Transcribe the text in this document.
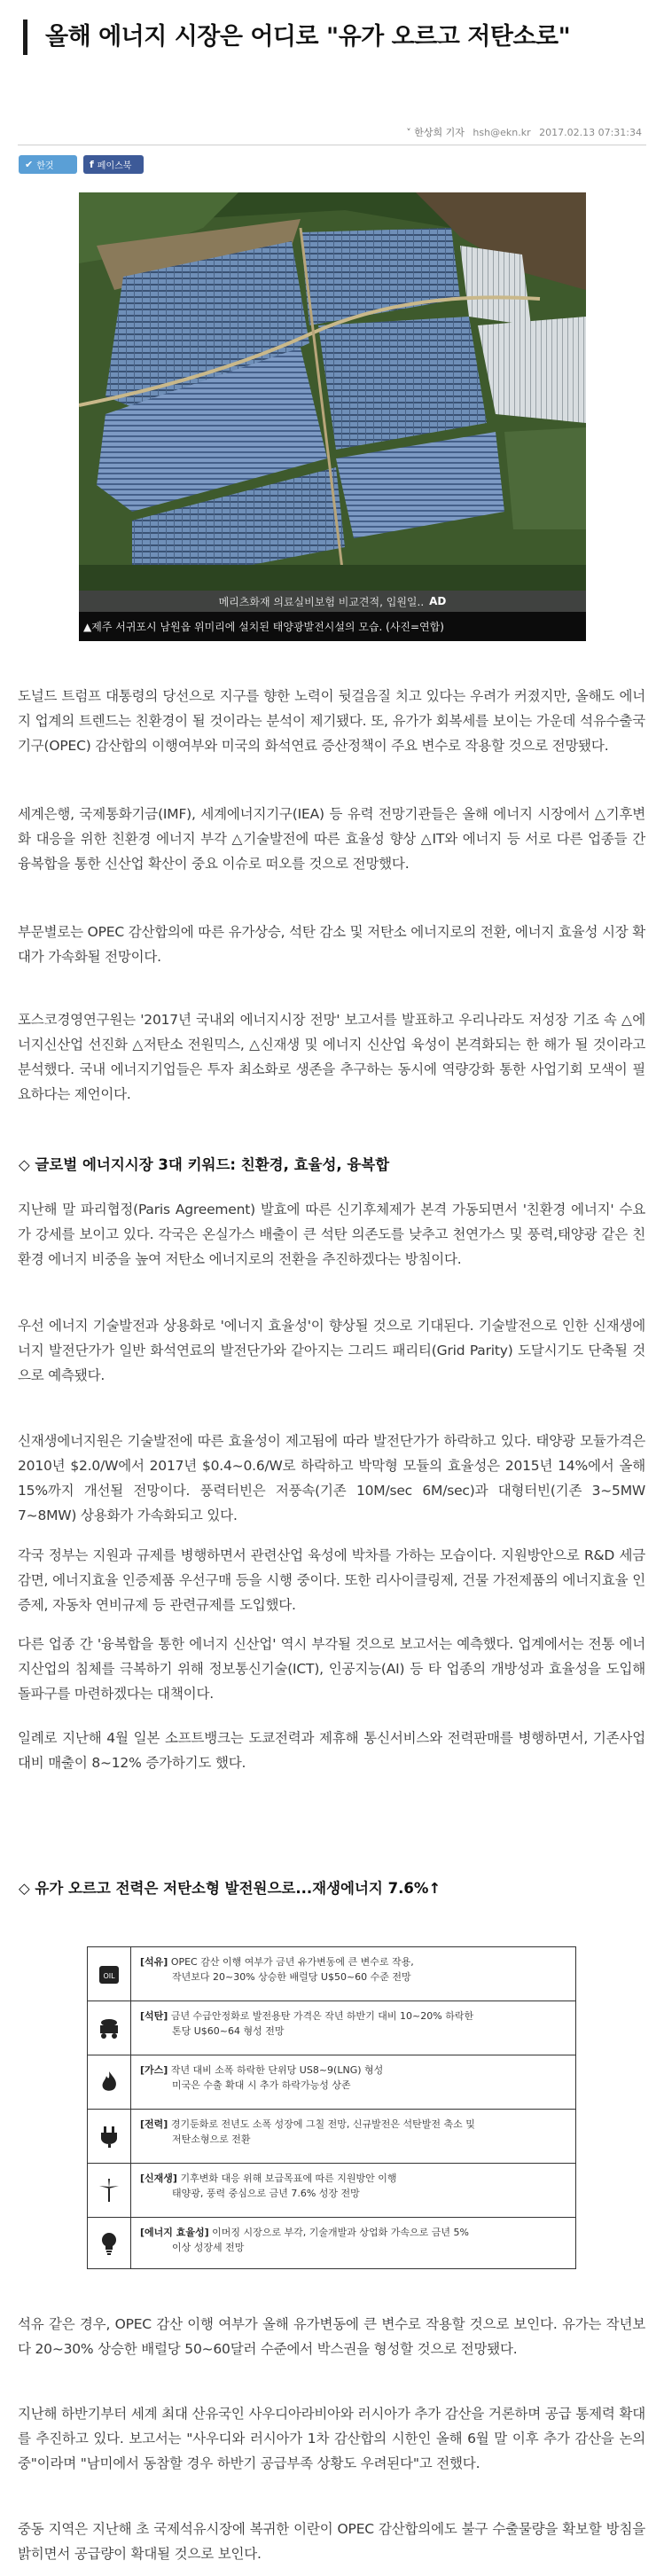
올해 에너지 시장은 어디로 "유가 오르고 저탄소로"
˅ 한상희 기자 hsh@ekn.kr 2017.02.13 07:31:34
✔ 한것	f 페이스북
메리츠화재 의료실비보험 비교견적, 입원일.. AD
▲제주 서귀포시 남원읍 위미리에 설치된 태양광발전시설의 모습. (사진=연합)

도널드 트럼프 대통령의 당선으로 지구를 향한 노력이 뒷걸음질 치고 있다는 우려가 커졌지만, 올해도 에너지 업계의 트렌드는 친환경이 될 것이라는 분석이 제기됐다. 또, 유가가 회복세를 보이는 가운데 석유수출국기구(OPEC) 감산합의 이행여부와 미국의 화석연료 증산정책이 주요 변수로 작용할 것으로 전망됐다.

세계은행, 국제통화기금(IMF), 세계에너지기구(IEA) 등 유력 전망기관들은 올해 에너지 시장에서 △기후변화 대응을 위한 친환경 에너지 부각 △기술발전에 따른 효율성 향상 △IT와 에너지 등 서로 다른 업종들 간 융복합을 통한 신산업 확산이 중요 이슈로 떠오를 것으로 전망했다.

부문별로는 OPEC 감산합의에 따른 유가상승, 석탄 감소 및 저탄소 에너지로의 전환, 에너지 효율성 시장 확대가 가속화될 전망이다.

포스코경영연구원는 '2017년 국내외 에너지시장 전망' 보고서를 발표하고 우리나라도 저성장 기조 속 △에너지신산업 선진화 △저탄소 전원믹스, △신재생 및 에너지 신산업 육성이 본격화되는 한 해가 될 것이라고 분석했다. 국내 에너지기업들은 투자 최소화로 생존을 추구하는 동시에 역량강화 통한 사업기회 모색이 필요하다는 제언이다.

◇ 글로벌 에너지시장 3대 키워드: 친환경, 효율성, 융복합

지난해 말 파리협정(Paris Agreement) 발효에 따른 신기후체제가 본격 가동되면서 '친환경 에너지' 수요가 강세를 보이고 있다. 각국은 온실가스 배출이 큰 석탄 의존도를 낮추고 천연가스 및 풍력,태양광 같은 친환경 에너지 비중을 높여 저탄소 에너지로의 전환을 추진하겠다는 방침이다.

우선 에너지 기술발전과 상용화로 '에너지 효율성'이 향상될 것으로 기대된다. 기술발전으로 인한 신재생에너지 발전단가가 일반 화석연료의 발전단가와 같아지는 그리드 패리티(Grid Parity) 도달시기도 단축될 것으로 예측됐다.

신재생에너지원은 기술발전에 따른 효율성이 제고됨에 따라 발전단가가 하락하고 있다. 태양광 모듈가격은 2010년 $2.0/W에서 2017년 $0.4~0.6/W로 하락하고 박막형 모듈의 효율성은 2015년 14%에서 올해 15%까지 개선될 전망이다. 풍력터빈은 저풍속(기존 10M/sec 6M/sec)과 대형터빈(기존 3~5MW 7~8MW) 상용화가 가속화되고 있다.

각국 정부는 지원과 규제를 병행하면서 관련산업 육성에 박차를 가하는 모습이다. 지원방안으로 R&D 세금감면, 에너지효율 인증제품 우선구매 등을 시행 중이다. 또한 리사이클링제, 건물 가전제품의 에너지효율 인증제, 자동차 연비규제 등 관련규제를 도입했다.

다른 업종 간 '융복합을 통한 에너지 신산업' 역시 부각될 것으로 보고서는 예측했다. 업계에서는 전통 에너지산업의 침체를 극복하기 위해 정보통신기술(ICT), 인공지능(AI) 등 타 업종의 개방성과 효율성을 도입해 돌파구를 마련하겠다는 대책이다.

일례로 지난해 4월 일본 소프트뱅크는 도쿄전력과 제휴해 통신서비스와 전력판매를 병행하면서, 기존사업 대비 매출이 8~12% 증가하기도 했다.

◇ 유가 오르고 전력은 저탄소형 발전원으로...재생에너지 7.6%↑
OIL
[석유] OPEC 감산 이행 여부가 금년 유가변동에 큰 변수로 작용,
작년보다 20~30% 상승한 배럴당 U$50~60 수준 전망
[석탄] 금년 수급안정화로 발전용탄 가격은 작년 하반기 대비 10~20% 하락한
톤당 U$60~64 형성 전망
[가스] 작년 대비 소폭 하락한 단위당 US8~9(LNG) 형성
미국은 수출 확대 시 추가 하락가능성 상존
[전력] 경기둔화로 전년도 소폭 성장에 그칠 전망, 신규발전은 석탄발전 축소 및
저탄소형으로 전환
[신재생] 기후변화 대응 위해 보급목표에 따른 지원방안 이행
태양광, 풍력 중심으로 금년 7.6% 성장 전망
[에너지 효율성] 이머징 시장으로 부각, 기술개발과 상업화 가속으로 금년 5%
이상 성장세 전망

석유 같은 경우, OPEC 감산 이행 여부가 올해 유가변동에 큰 변수로 작용할 것으로 보인다. 유가는 작년보다 20~30% 상승한 배럴당 50~60달러 수준에서 박스권을 형성할 것으로 전망됐다.

지난해 하반기부터 세계 최대 산유국인 사우디아라비아와 러시아가 추가 감산을 거론하며 공급 통제력 확대를 추진하고 있다. 보고서는 "사우디와 러시아가 1차 감산합의 시한인 올해 6월 말 이후 추가 감산을 논의 중"이라며 "남미에서 동참할 경우 하반기 공급부족 상황도 우려된다"고 전했다.

중동 지역은 지난해 초 국제석유시장에 복귀한 이란이 OPEC 감산합의에도 불구 수출물량을 확보할 방침을 밝히면서 공급량이 확대될 것으로 보인다.
